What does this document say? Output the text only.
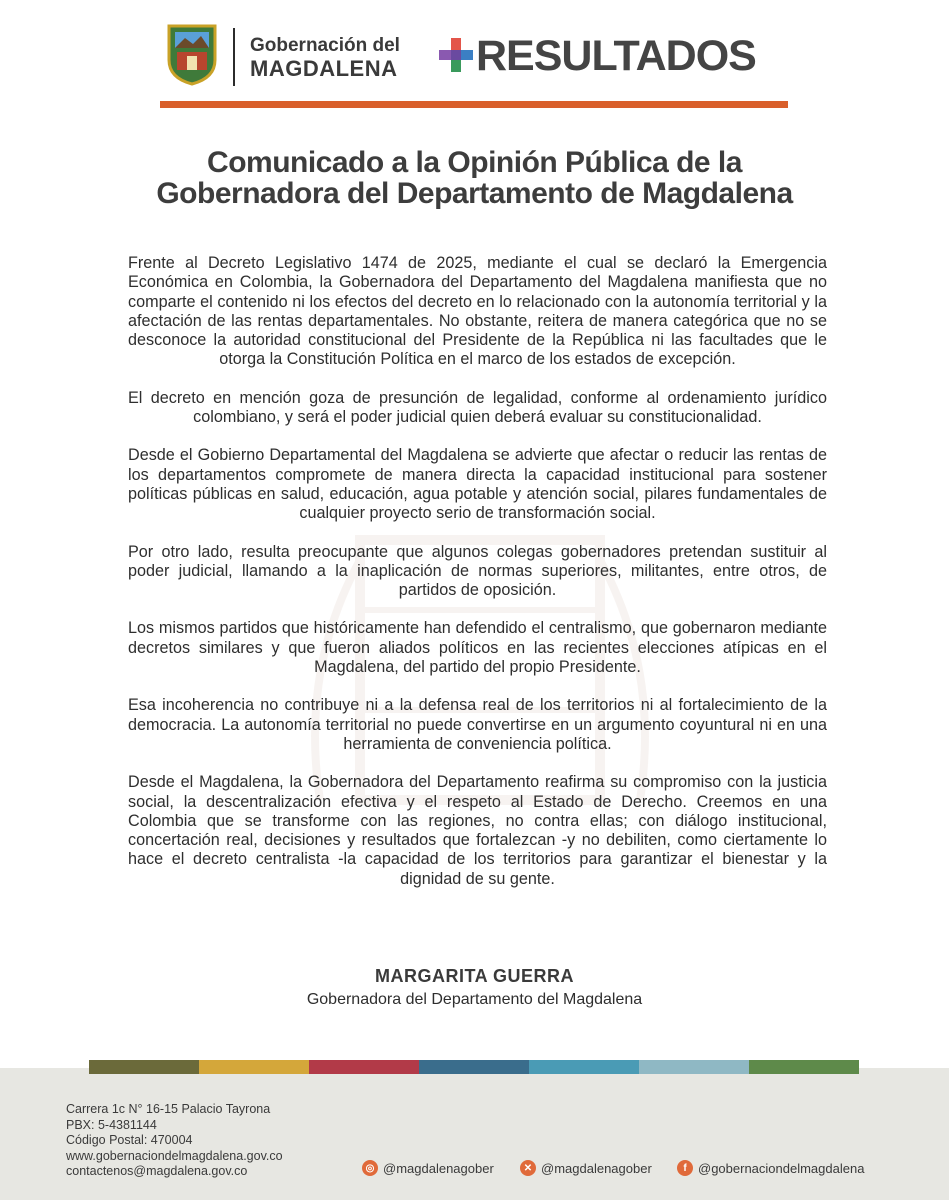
Gobernación del
MAGDALENA RESULTADOS
Comunicado a la Opinión Pública de la
Gobernadora del Departamento de Magdalena

Frente al Decreto Legislativo 1474 de 2025, mediante el cual se declaró la Emergencia Económica en Colombia, la Gobernadora del Departamento del Magdalena manifiesta que no comparte el contenido ni los efectos del decreto en lo relacionado con la autonomía territorial y la afectación de las rentas departamentales. No obstante, reitera de manera categórica que no se desconoce la autoridad constitucional del Presidente de la República ni las facultades que le otorga la Constitución Política en el marco de los estados de excepción.

El decreto en mención goza de presunción de legalidad, conforme al ordenamiento jurídico colombiano, y será el poder judicial quien deberá evaluar su constitucionalidad.

Desde el Gobierno Departamental del Magdalena se advierte que afectar o reducir las rentas de los departamentos compromete de manera directa la capacidad institucional para sostener políticas públicas en salud, educación, agua potable y atención social, pilares fundamentales de cualquier proyecto serio de transformación social.

Por otro lado, resulta preocupante que algunos colegas gobernadores pretendan sustituir al poder judicial, llamando a la inaplicación de normas superiores, militantes, entre otros, de partidos de oposición.

Los mismos partidos que históricamente han defendido el centralismo, que gobernaron mediante decretos similares y que fueron aliados políticos en las recientes elecciones atípicas en el Magdalena, del partido del propio Presidente.

Esa incoherencia no contribuye ni a la defensa real de los territorios ni al fortalecimiento de la democracia. La autonomía territorial no puede convertirse en un argumento coyuntural ni en una herramienta de conveniencia política.

Desde el Magdalena, la Gobernadora del Departamento reafirma su compromiso con la justicia social, la descentralización efectiva y el respeto al Estado de Derecho. Creemos en una Colombia que se transforme con las regiones, no contra ellas; con diálogo institucional, concertación real, decisiones y resultados que fortalezcan -y no debiliten, como ciertamente lo hace el decreto centralista -la capacidad de los territorios para garantizar el bienestar y la dignidad de su gente.

MARGARITA GUERRA
Gobernadora del Departamento del Magdalena
Carrera 1c N° 16-15 Palacio Tayrona
PBX: 5-4381144
Código Postal: 470004
www.gobernaciondelmagdalena.gov.co
contactenos@magdalena.gov.co	◎ @magdalenagober	✕ @magdalenagober	f @gobernaciondelmagdalena
